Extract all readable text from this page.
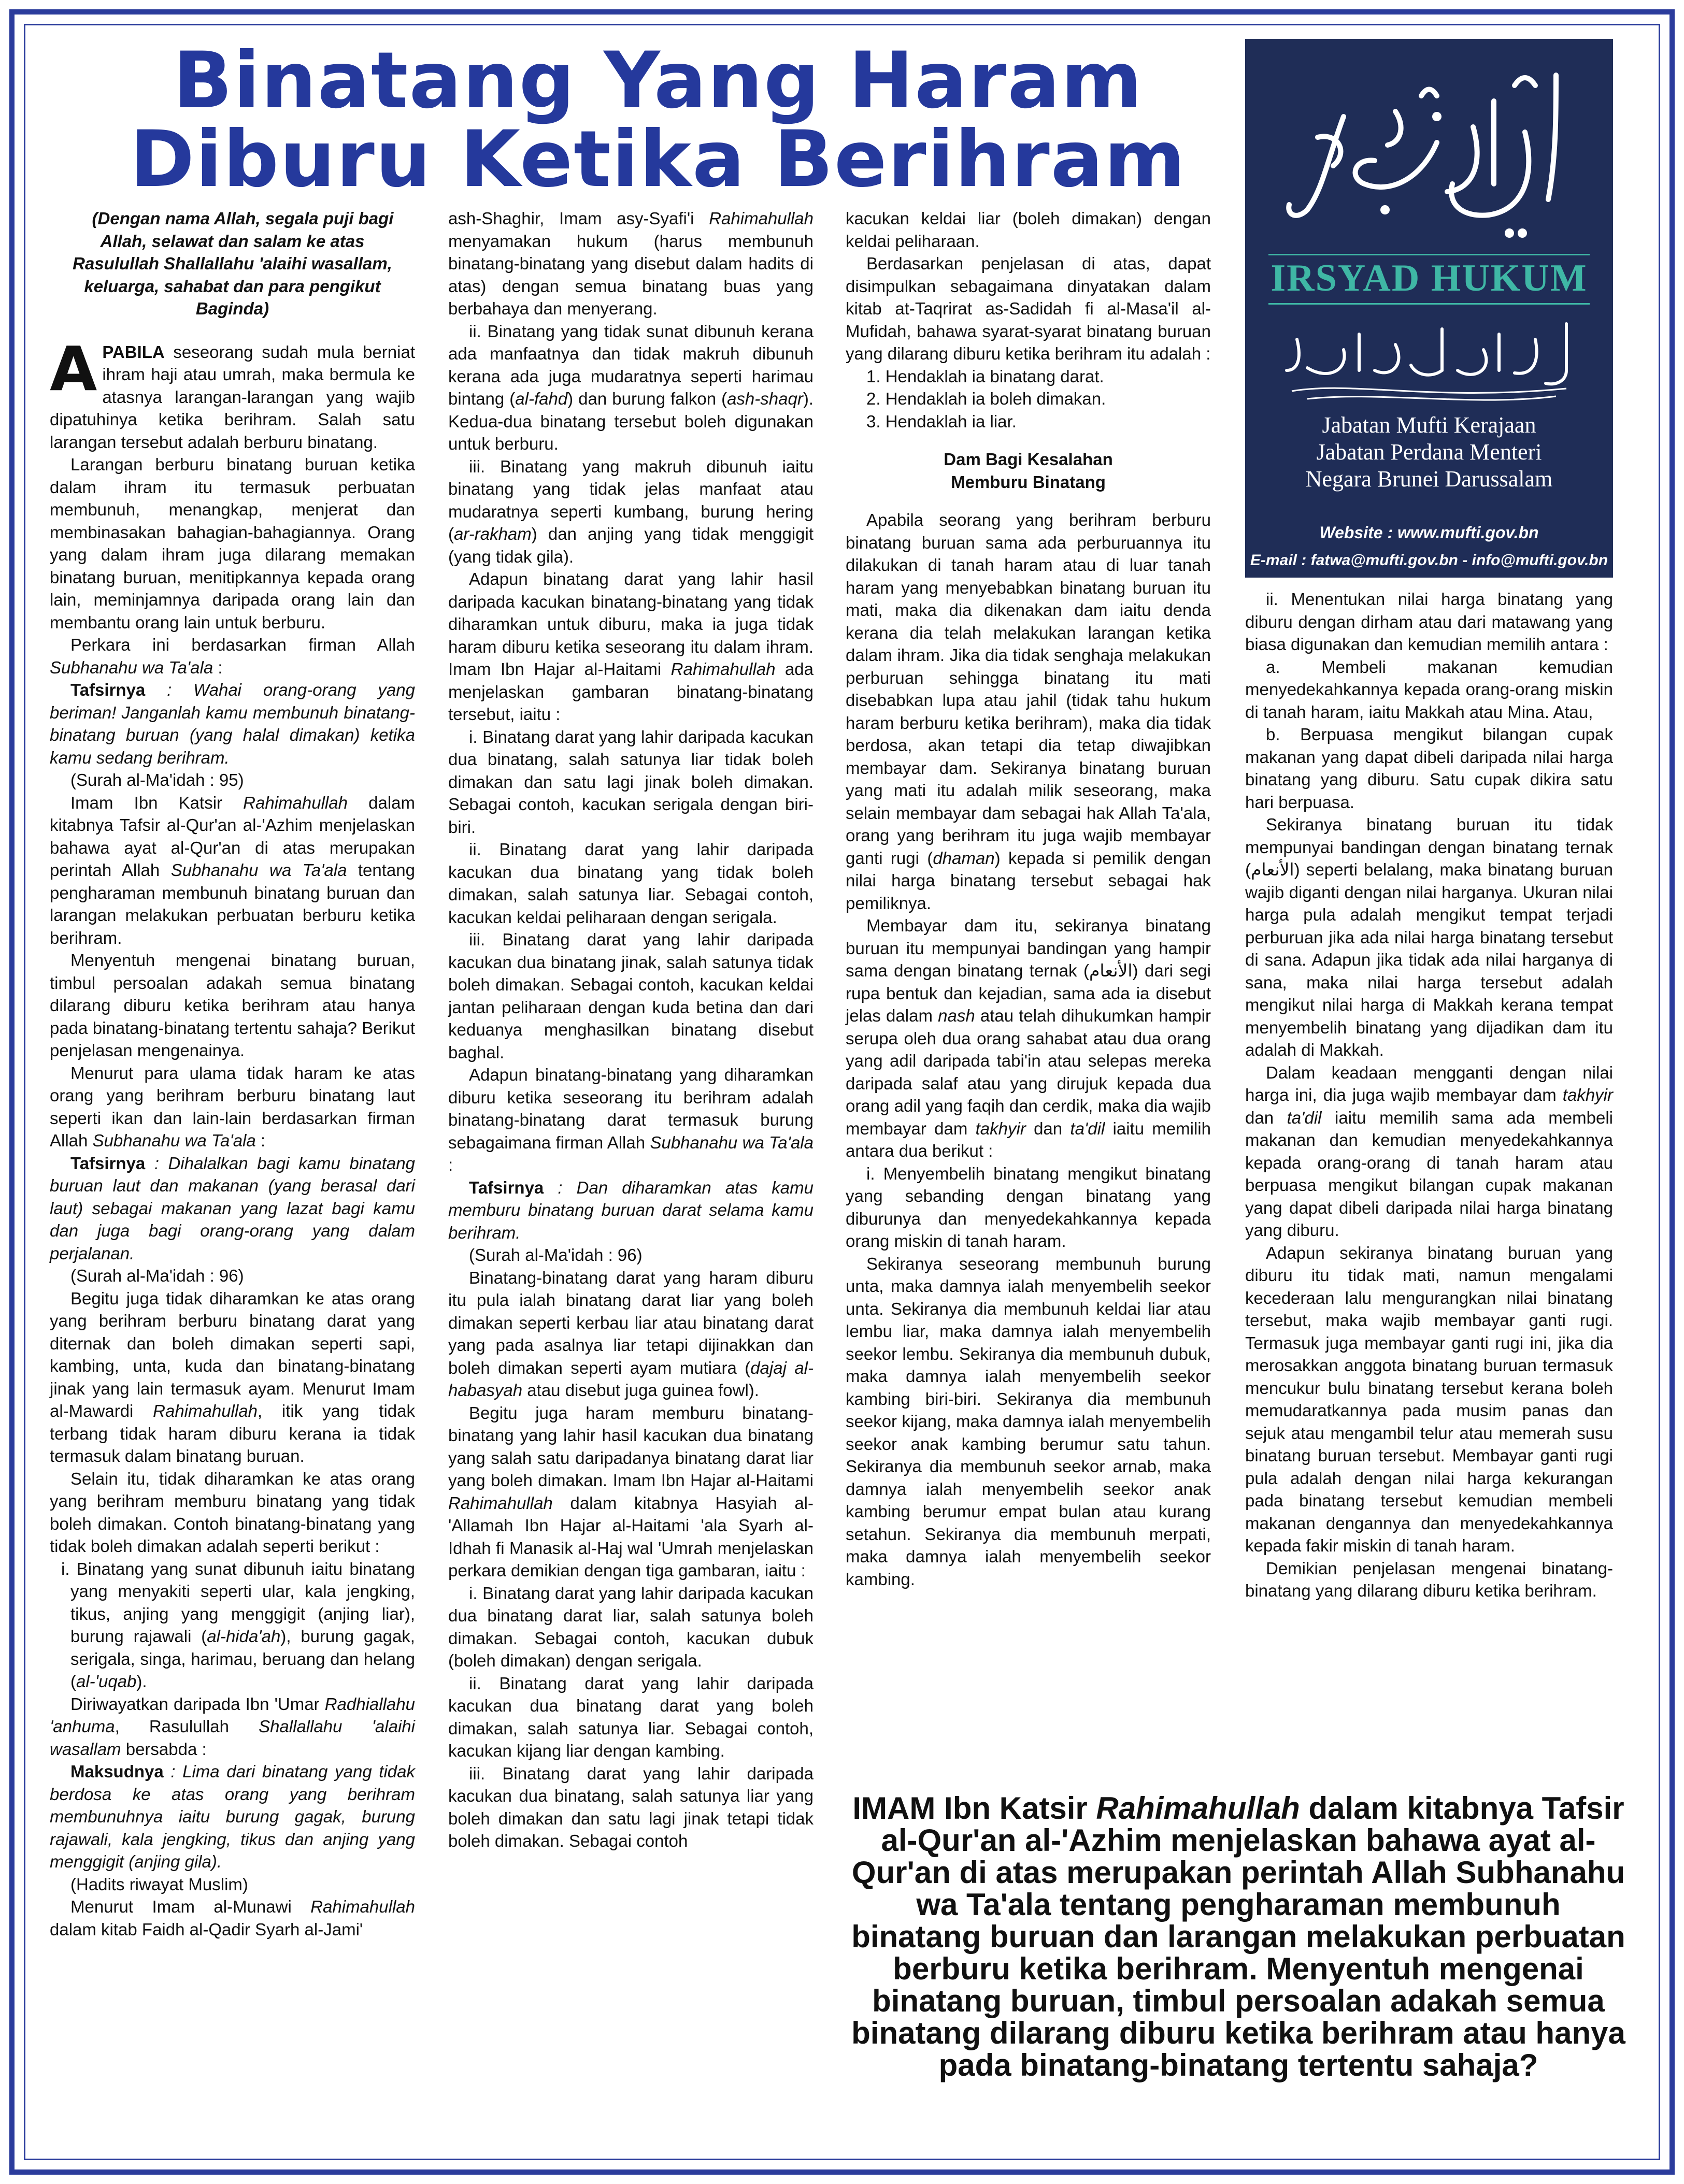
Binatang Yang Haram
Diburu Ketika Berihram
ارشاد حكم
IRSYAD HUKUM
جابتن مفتي كراجان
Jabatan Mufti Kerajaan
Jabatan Perdana Menteri
Negara Brunei Darussalam
Website : www.mufti.gov.bn
E-mail : fatwa@mufti.gov.bn - info@mufti.gov.bn

(Dengan nama Allah, segala puji bagi Allah, selawat dan salam ke atas Rasulullah Shallallahu 'alaihi wasallam, keluarga, sahabat dan para pengikut Baginda)

APABILA seseorang sudah mula berniat ihram haji atau umrah, maka bermula ke atasnya larangan-larangan yang wajib dipatuhinya ketika berihram. Salah satu larangan tersebut adalah berburu binatang.

Larangan berburu binatang buruan ketika dalam ihram itu termasuk perbuatan membunuh, menangkap, menjerat dan membinasakan bahagian-bahagiannya. Orang yang dalam ihram juga dilarang memakan binatang buruan, menitipkannya kepada orang lain, meminjamnya daripada orang lain dan membantu orang lain untuk berburu.

Perkara ini berdasarkan firman Allah Subhanahu wa Ta'ala :

Tafsirnya : Wahai orang-orang yang beriman! Janganlah kamu membunuh binatang-binatang buruan (yang halal dimakan) ketika kamu sedang berihram.

(Surah al-Ma'idah : 95)

Imam Ibn Katsir Rahimahullah dalam kitabnya Tafsir al-Qur'an al-'Azhim menjelaskan bahawa ayat al-Qur'an di atas merupakan perintah Allah Subhanahu wa Ta'ala tentang pengharaman membunuh binatang buruan dan larangan melakukan perbuatan berburu ketika berihram.

Menyentuh mengenai binatang buruan, timbul persoalan adakah semua binatang dilarang diburu ketika berihram atau hanya pada binatang-binatang tertentu sahaja? Berikut penjelasan mengenainya.

Menurut para ulama tidak haram ke atas orang yang berihram berburu binatang laut seperti ikan dan lain-lain berdasarkan firman Allah Subhanahu wa Ta'ala :

Tafsirnya : Dihalalkan bagi kamu binatang buruan laut dan makanan (yang berasal dari laut) sebagai makanan yang lazat bagi kamu dan juga bagi orang-orang yang dalam perjalanan.

(Surah al-Ma'idah : 96)

Begitu juga tidak diharamkan ke atas orang yang berihram berburu binatang darat yang diternak dan boleh dimakan seperti sapi, kambing, unta, kuda dan binatang-binatang jinak yang lain termasuk ayam. Menurut Imam al-Mawardi Rahimahullah, itik yang tidak terbang tidak haram diburu kerana ia tidak termasuk dalam binatang buruan.

Selain itu, tidak diharamkan ke atas orang yang berihram memburu binatang yang tidak boleh dimakan. Contoh binatang-binatang yang tidak boleh dimakan adalah seperti berikut :

i. Binatang yang sunat dibunuh iaitu binatang yang menyakiti seperti ular, kala jengking, tikus, anjing yang menggigit (anjing liar), burung rajawali (al-hida'ah), burung gagak, serigala, singa, harimau, beruang dan helang (al-'uqab).

Diriwayatkan daripada Ibn 'Umar Radhiallahu 'anhuma, Rasulullah Shallallahu 'alaihi wasallam bersabda :

Maksudnya : Lima dari binatang yang tidak berdosa ke atas orang yang berihram membunuhnya iaitu burung gagak, burung rajawali, kala jengking, tikus dan anjing yang menggigit (anjing gila).

(Hadits riwayat Muslim)

Menurut Imam al-Munawi Rahimahullah dalam kitab Faidh al-Qadir Syarh al-Jami'

ash-Shaghir, Imam asy-Syafi'i Rahimahullah menyamakan hukum (harus membunuh binatang-binatang yang disebut dalam hadits di atas) dengan semua binatang buas yang berbahaya dan menyerang.

ii. Binatang yang tidak sunat dibunuh kerana ada manfaatnya dan tidak makruh dibunuh kerana ada juga mudaratnya seperti harimau bintang (al-fahd) dan burung falkon (ash-shaqr). Kedua-dua binatang tersebut boleh digunakan untuk berburu.

iii. Binatang yang makruh dibunuh iaitu binatang yang tidak jelas manfaat atau mudaratnya seperti kumbang, burung hering (ar-rakham) dan anjing yang tidak menggigit (yang tidak gila).

Adapun binatang darat yang lahir hasil daripada kacukan binatang-binatang yang tidak diharamkan untuk diburu, maka ia juga tidak haram diburu ketika seseorang itu dalam ihram. Imam Ibn Hajar al-Haitami Rahimahullah ada menjelaskan gambaran binatang-binatang tersebut, iaitu :

i. Binatang darat yang lahir daripada kacukan dua binatang, salah satunya liar tidak boleh dimakan dan satu lagi jinak boleh dimakan. Sebagai contoh, kacukan serigala dengan biri-biri.

ii. Binatang darat yang lahir daripada kacukan dua binatang yang tidak boleh dimakan, salah satunya liar. Sebagai contoh, kacukan keldai peliharaan dengan serigala.

iii. Binatang darat yang lahir daripada kacukan dua binatang jinak, salah satunya tidak boleh dimakan. Sebagai contoh, kacukan keldai jantan peliharaan dengan kuda betina dan dari keduanya menghasilkan binatang disebut baghal.

Adapun binatang-binatang yang diharamkan diburu ketika seseorang itu berihram adalah binatang-binatang darat termasuk burung sebagaimana firman Allah Subhanahu wa Ta'ala :

Tafsirnya : Dan diharamkan atas kamu memburu binatang buruan darat selama kamu berihram.

(Surah al-Ma'idah : 96)

Binatang-binatang darat yang haram diburu itu pula ialah binatang darat liar yang boleh dimakan seperti kerbau liar atau binatang darat yang pada asalnya liar tetapi dijinakkan dan boleh dimakan seperti ayam mutiara (dajaj al-habasyah atau disebut juga guinea fowl).

Begitu juga haram memburu binatang-binatang yang lahir hasil kacukan dua binatang yang salah satu daripadanya binatang darat liar yang boleh dimakan. Imam Ibn Hajar al-Haitami Rahimahullah dalam kitabnya Hasyiah al-'Allamah Ibn Hajar al-Haitami 'ala Syarh al-Idhah fi Manasik al-Haj wal 'Umrah menjelaskan perkara demikian dengan tiga gambaran, iaitu :

i. Binatang darat yang lahir daripada kacukan dua binatang darat liar, salah satunya boleh dimakan. Sebagai contoh, kacukan dubuk (boleh dimakan) dengan serigala.

ii. Binatang darat yang lahir daripada kacukan dua binatang darat yang boleh dimakan, salah satunya liar. Sebagai contoh, kacukan kijang liar dengan kambing.

iii. Binatang darat yang lahir daripada kacukan dua binatang, salah satunya liar yang boleh dimakan dan satu lagi jinak tetapi tidak boleh dimakan. Sebagai contoh

kacukan keldai liar (boleh dimakan) dengan keldai peliharaan.

Berdasarkan penjelasan di atas, dapat disimpulkan sebagaimana dinyatakan dalam kitab at-Taqrirat as-Sadidah fi al-Masa'il al-Mufidah, bahawa syarat-syarat binatang buruan yang dilarang diburu ketika berihram itu adalah :

1. Hendaklah ia binatang darat.

2. Hendaklah ia boleh dimakan.

3. Hendaklah ia liar.

Dam Bagi Kesalahan
Memburu Binatang

Apabila seorang yang berihram berburu binatang buruan sama ada perburuannya itu dilakukan di tanah haram atau di luar tanah haram yang menyebabkan binatang buruan itu mati, maka dia dikenakan dam iaitu denda kerana dia telah melakukan larangan ketika dalam ihram. Jika dia tidak senghaja melakukan perburuan sehingga binatang itu mati disebabkan lupa atau jahil (tidak tahu hukum haram berburu ketika berihram), maka dia tidak berdosa, akan tetapi dia tetap diwajibkan membayar dam. Sekiranya binatang buruan yang mati itu adalah milik seseorang, maka selain membayar dam sebagai hak Allah Ta'ala, orang yang berihram itu juga wajib membayar ganti rugi (dhaman) kepada si pemilik dengan nilai harga binatang tersebut sebagai hak pemiliknya.

Membayar dam itu, sekiranya binatang buruan itu mempunyai bandingan yang hampir sama dengan binatang ternak (الأنعام) dari segi rupa bentuk dan kejadian, sama ada ia disebut jelas dalam nash atau telah dihukumkan hampir serupa oleh dua orang sahabat atau dua orang yang adil daripada tabi'in atau selepas mereka daripada salaf atau yang dirujuk kepada dua orang adil yang faqih dan cerdik, maka dia wajib membayar dam takhyir dan ta'dil iaitu memilih antara dua berikut :

i. Menyembelih binatang mengikut binatang yang sebanding dengan binatang yang diburunya dan menyedekahkannya kepada orang miskin di tanah haram.

Sekiranya seseorang membunuh burung unta, maka damnya ialah menyembelih seekor unta. Sekiranya dia membunuh keldai liar atau lembu liar, maka damnya ialah menyembelih seekor lembu. Sekiranya dia membunuh dubuk, maka damnya ialah menyembelih seekor kambing biri-biri. Sekiranya dia membunuh seekor kijang, maka damnya ialah menyembelih seekor anak kambing berumur satu tahun. Sekiranya dia membunuh seekor arnab, maka damnya ialah menyembelih seekor anak kambing berumur empat bulan atau kurang setahun. Sekiranya dia membunuh merpati, maka damnya ialah menyembelih seekor kambing.

ii. Menentukan nilai harga binatang yang diburu dengan dirham atau dari matawang yang biasa digunakan dan kemudian memilih antara :

a. Membeli makanan kemudian menyedekahkannya kepada orang-orang miskin di tanah haram, iaitu Makkah atau Mina. Atau,

b. Berpuasa mengikut bilangan cupak makanan yang dapat dibeli daripada nilai harga binatang yang diburu. Satu cupak dikira satu hari berpuasa.

Sekiranya binatang buruan itu tidak mempunyai bandingan dengan binatang ternak (الأنعام) seperti belalang, maka binatang buruan wajib diganti dengan nilai harganya. Ukuran nilai harga pula adalah mengikut tempat terjadi perburuan jika ada nilai harga binatang tersebut di sana. Adapun jika tidak ada nilai harganya di sana, maka nilai harga tersebut adalah mengikut nilai harga di Makkah kerana tempat menyembelih binatang yang dijadikan dam itu adalah di Makkah.

Dalam keadaan mengganti dengan nilai harga ini, dia juga wajib membayar dam takhyir dan ta'dil iaitu memilih sama ada membeli makanan dan kemudian menyedekahkannya kepada orang-orang di tanah haram atau berpuasa mengikut bilangan cupak makanan yang dapat dibeli daripada nilai harga binatang yang diburu.

Adapun sekiranya binatang buruan yang diburu itu tidak mati, namun mengalami kecederaan lalu mengurangkan nilai binatang tersebut, maka wajib membayar ganti rugi. Termasuk juga membayar ganti rugi ini, jika dia merosakkan anggota binatang buruan termasuk mencukur bulu binatang tersebut kerana boleh memudaratkannya pada musim panas dan sejuk atau mengambil telur atau memerah susu binatang buruan tersebut. Membayar ganti rugi pula adalah dengan nilai harga kekurangan pada binatang tersebut kemudian membeli makanan dengannya dan menyedekahkannya kepada fakir miskin di tanah haram.

Demikian penjelasan mengenai binatang-binatang yang dilarang diburu ketika berihram.

IMAM Ibn Katsir Rahimahullah dalam kitabnya Tafsir al-Qur'an al-'Azhim menjelaskan bahawa ayat al-Qur'an di atas merupakan perintah Allah Subhanahu wa Ta'ala tentang pengharaman membunuh binatang buruan dan larangan melakukan perbuatan berburu ketika berihram. Menyentuh mengenai binatang buruan, timbul persoalan adakah semua binatang dilarang diburu ketika berihram atau hanya pada binatang-binatang tertentu sahaja?
